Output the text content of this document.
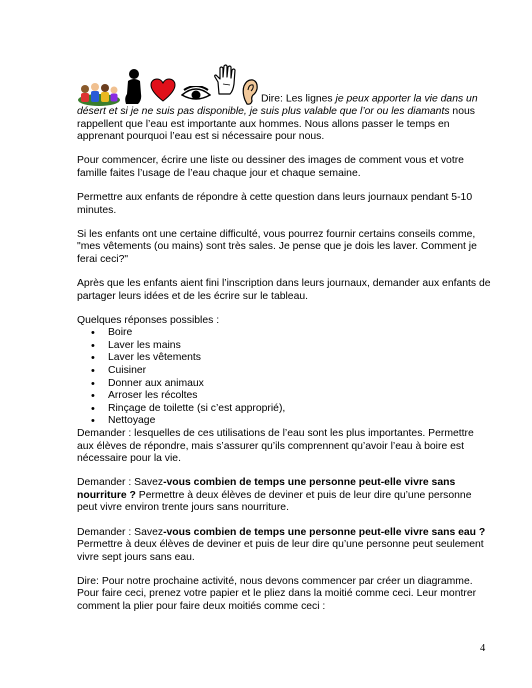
Dire: Les lignes je peux apporter la vie dans un désert et si je ne suis pas disponible, je suis plus valable que l’or ou les diamants nous rappellent que l’eau est importante aux hommes. Nous allons passer le temps en apprenant pourquoi l’eau est si nécessaire pour nous.

Pour commencer, écrire une liste ou dessiner des images de comment vous et votre famille faites l’usage de l’eau chaque jour et chaque semaine.

Permettre aux enfants de répondre à cette question dans leurs journaux pendant 5-10 minutes.

Si les enfants ont une certaine difficulté, vous pourrez fournir certains conseils comme, "mes vêtements (ou mains) sont très sales. Je pense que je dois les laver. Comment je ferai ceci?"

Après que les enfants aient fini l’inscription dans leurs journaux, demander aux enfants de partager leurs idées et de les écrire sur le tableau.

Quelques réponses possibles :
• Boire
• Laver les mains
• Laver les vêtements
• Cuisiner
• Donner aux animaux
• Arroser les récoltes
• Rinçage de toilette (si c’est approprié),
• Nettoyage

Demander : lesquelles de ces utilisations de l’eau sont les plus importantes. Permettre aux élèves de répondre, mais s’assurer qu’ils comprennent qu’avoir l’eau à boire est nécessaire pour la vie.

Demander : Savez-vous combien de temps une personne peut-elle vivre sans nourriture ? Permettre à deux élèves de deviner et puis de leur dire qu’une personne peut vivre environ trente jours sans nourriture.

Demander : Savez-vous combien de temps une personne peut-elle vivre sans eau ?
Permettre à deux élèves de deviner et puis de leur dire qu’une personne peut seulement vivre sept jours sans eau.

Dire: Pour notre prochaine activité, nous devons commencer par créer un diagramme. Pour faire ceci, prenez votre papier et le pliez dans la moitié comme ceci. Leur montrer comment la plier pour faire deux moitiés comme ceci :

4
